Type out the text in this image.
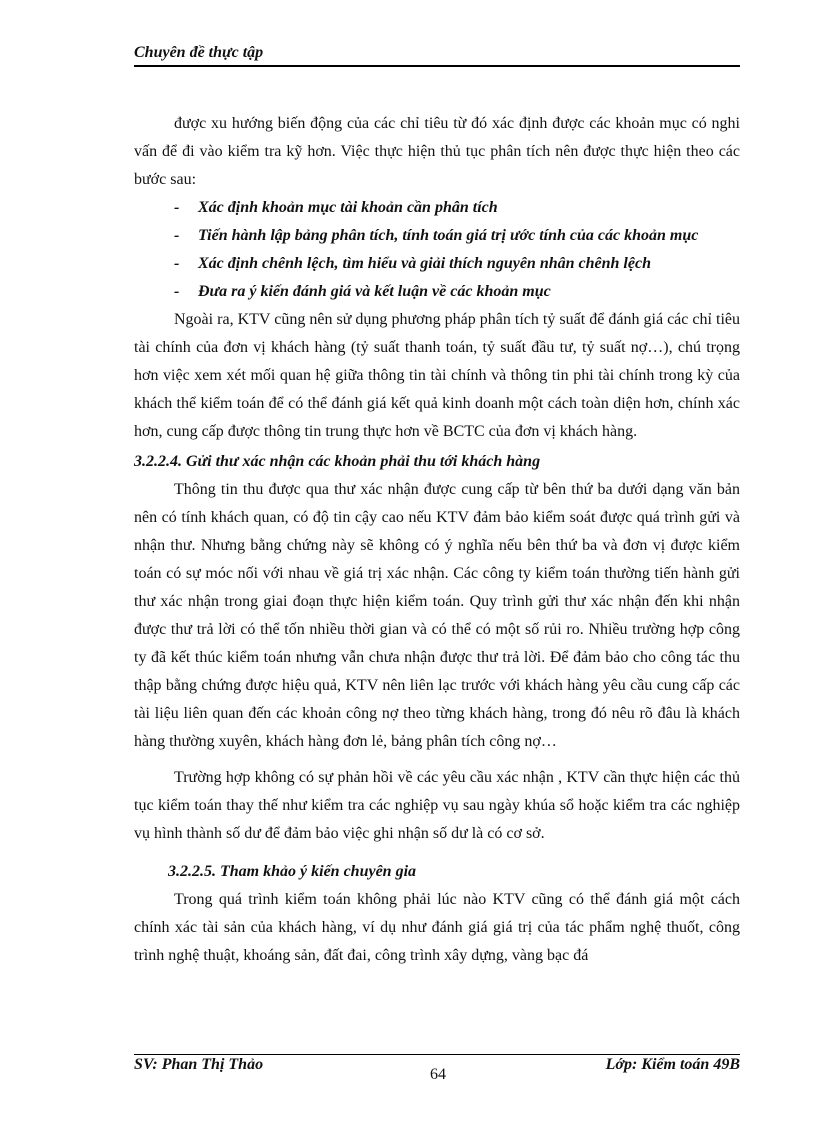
Chuyên đề thực tập

được xu hướng biến động của các chỉ tiêu từ đó xác định được các khoản mục có nghi vấn để đi vào kiểm tra kỹ hơn. Việc thực hiện thủ tục phân tích nên được thực hiện theo các bước sau:

- Xác định khoản mục tài khoản cần phân tích

- Tiến hành lập bảng phân tích, tính toán giá trị ước tính của các khoản mục

- Xác định chênh lệch, tìm hiểu và giải thích nguyên nhân chênh lệch

- Đưa ra ý kiến đánh giá và kết luận về các khoản mục

Ngoài ra, KTV cũng nên sử dụng phương pháp phân tích tỷ suất để đánh giá các chỉ tiêu tài chính của đơn vị khách hàng (tỷ suất thanh toán, tỷ suất đầu tư, tỷ suất nợ…), chú trọng hơn việc xem xét mối quan hệ giữa thông tin tài chính và thông tin phi tài chính trong kỳ của khách thể kiểm toán để có thể đánh giá kết quả kinh doanh một cách toàn diện hơn, chính xác hơn, cung cấp được thông tin trung thực hơn về BCTC của đơn vị khách hàng.

3.2.2.4. Gửi thư xác nhận các khoản phải thu tới khách hàng

Thông tin thu được qua thư xác nhận được cung cấp từ bên thứ ba dưới dạng văn bản nên có tính khách quan, có độ tin cậy cao nếu KTV đảm bảo kiểm soát được quá trình gửi và nhận thư. Nhưng bằng chứng này sẽ không có ý nghĩa nếu bên thứ ba và đơn vị được kiểm toán có sự móc nối với nhau về giá trị xác nhận. Các công ty kiểm toán thường tiến hành gửi thư xác nhận trong giai đoạn thực hiện kiểm toán. Quy trình gửi thư xác nhận đến khi nhận được thư trả lời có thể tốn nhiều thời gian và có thể có một số rủi ro. Nhiều trường hợp công ty đã kết thúc kiểm toán nhưng vẫn chưa nhận được thư trả lời. Để đảm bảo cho công tác thu thập bằng chứng được hiệu quả, KTV nên liên lạc trước với khách hàng yêu cầu cung cấp các tài liệu liên quan đến các khoản công nợ theo từng khách hàng, trong đó nêu rõ đâu là khách hàng thường xuyên, khách hàng đơn lẻ, bảng phân tích công nợ…

Trường hợp không có sự phản hồi về các yêu cầu xác nhận , KTV cần thực hiện các thủ tục kiểm toán thay thế như kiểm tra các nghiệp vụ sau ngày khúa sổ hoặc kiểm tra các nghiệp vụ hình thành số dư để đảm bảo việc ghi nhận số dư là có cơ sở.

3.2.2.5. Tham khảo ý kiến chuyên gia

Trong quá trình kiểm toán không phải lúc nào KTV cũng có thể đánh giá một cách chính xác tài sản của khách hàng, ví dụ như đánh giá giá trị của tác phẩm nghệ thuốt, công trình nghệ thuật, khoáng sản, đất đai, công trình xây dựng, vàng bạc đá

SV: Phan Thị Thảo	Lớp: Kiểm toán 49B
64
